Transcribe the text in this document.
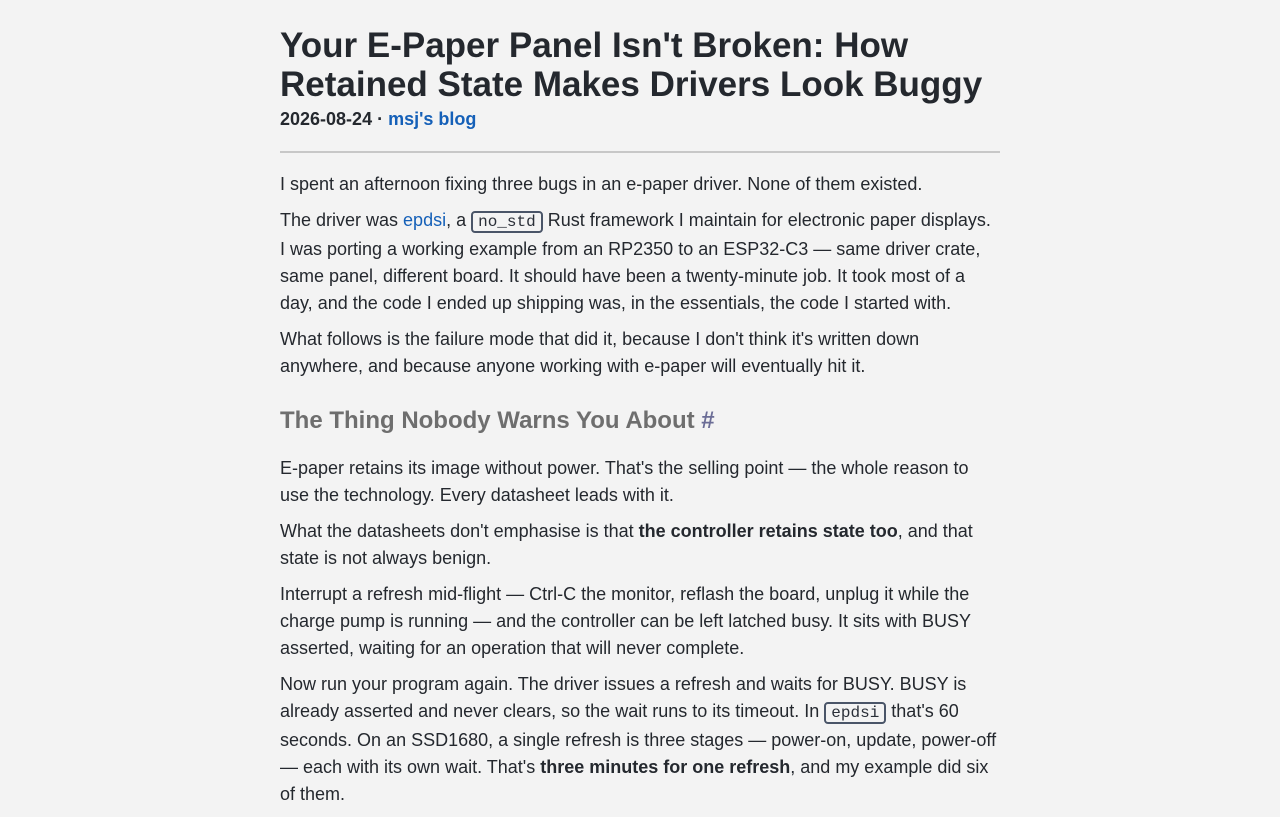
Your E-Paper Panel Isn't Broken: How Retained State Makes Drivers Look Buggy
2026-08-24 · msj's blog

I spent an afternoon fixing three bugs in an e-paper driver. None of them existed.

The driver was epdsi, a no_std Rust framework I maintain for electronic paper displays. I was porting a working example from an RP2350 to an ESP32-C3 — same driver crate, same panel, different board. It should have been a twenty-minute job. It took most of a day, and the code I ended up shipping was, in the essentials, the code I started with.

What follows is the failure mode that did it, because I don't think it's written down anywhere, and because anyone working with e-paper will eventually hit it.

The Thing Nobody Warns You About #

E-paper retains its image without power. That's the selling point — the whole reason to use the technology. Every datasheet leads with it.

What the datasheets don't emphasise is that the controller retains state too, and that state is not always benign.

Interrupt a refresh mid-flight — Ctrl-C the monitor, reflash the board, unplug it while the charge pump is running — and the controller can be left latched busy. It sits with BUSY asserted, waiting for an operation that will never complete.

Now run your program again. The driver issues a refresh and waits for BUSY. BUSY is already asserted and never clears, so the wait runs to its timeout. In epdsi that's 60 seconds. On an SSD1680, a single refresh is three stages — power-on, update, power-off — each with its own wait. That's three minutes for one refresh, and my example did six of them.
